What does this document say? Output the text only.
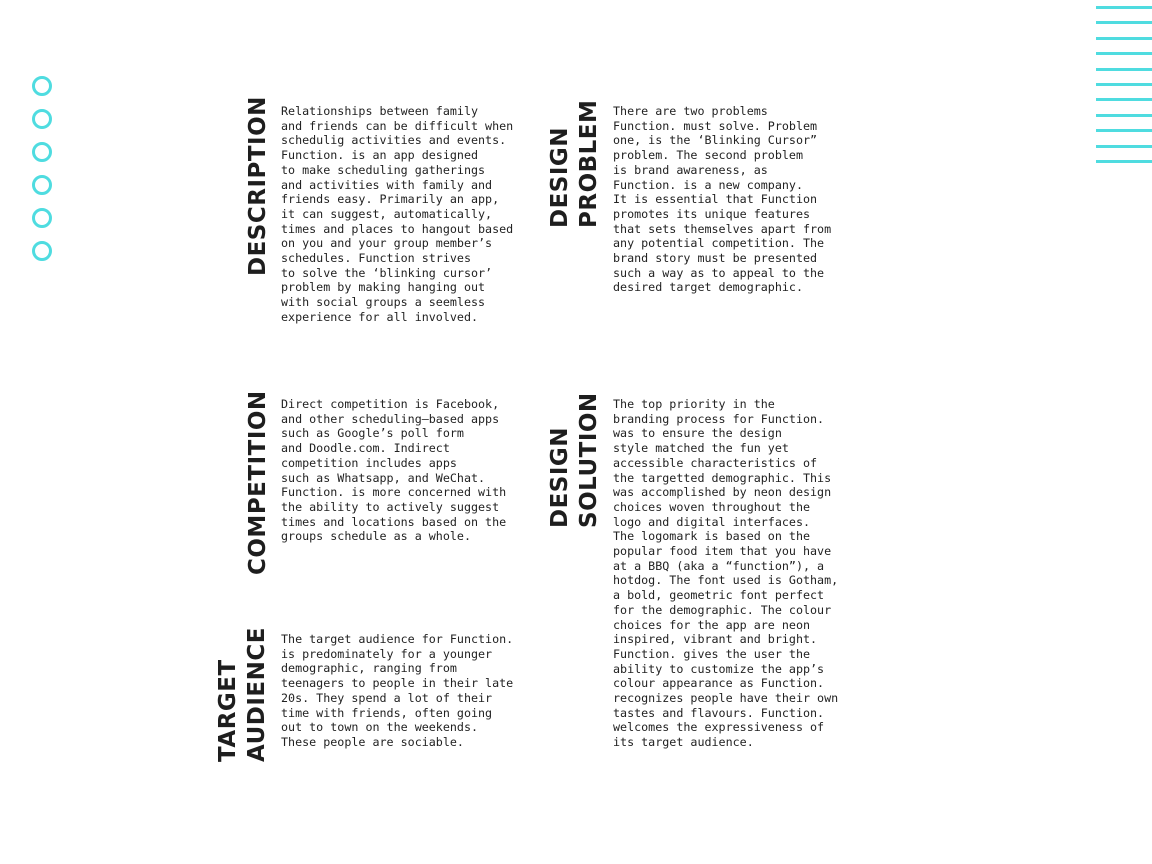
DESCRIPTION Relationships between family
and friends can be difficult when
schedulig activities and events.
Function. is an app designed
to make scheduling gatherings
and activities with family and
friends easy. Primarily an app,
it can suggest, automatically,
times and places to hangout based
on you and your group member’s
schedules. Function strives
to solve the ‘blinking cursor’
problem by making hanging out
with social groups a seemless
experience for all involved.
DESIGN
PROBLEM There are two problems
Function. must solve. Problem
one, is the ‘Blinking Cursor”
problem. The second problem
is brand awareness, as
Function. is a new company.
It is essential that Function
promotes its unique features
that sets themselves apart from
any potential competition. The
brand story must be presented
such a way as to appeal to the
desired target demographic.
COMPETITION Direct competition is Facebook,
and other scheduling–based apps
such as Google’s poll form
and Doodle.com. Indirect
competition includes apps
such as Whatsapp, and WeChat.
Function. is more concerned with
the ability to actively suggest
times and locations based on the
groups schedule as a whole.
DESIGN
SOLUTION The top priority in the
branding process for Function.
was to ensure the design
style matched the fun yet
accessible characteristics of
the targetted demographic. This
was accomplished by neon design
choices woven throughout the
logo and digital interfaces.
The logomark is based on the
popular food item that you have
at a BBQ (aka a “function”), a
hotdog. The font used is Gotham,
a bold, geometric font perfect
for the demographic. The colour
choices for the app are neon
inspired, vibrant and bright.
Function. gives the user the
ability to customize the app’s
colour appearance as Function.
recognizes people have their own
tastes and flavours. Function.
welcomes the expressiveness of
its target audience.
TARGET
AUDIENCE The target audience for Function.
is predominately for a younger
demographic, ranging from
teenagers to people in their late
20s. They spend a lot of their
time with friends, often going
out to town on the weekends.
These people are sociable.
